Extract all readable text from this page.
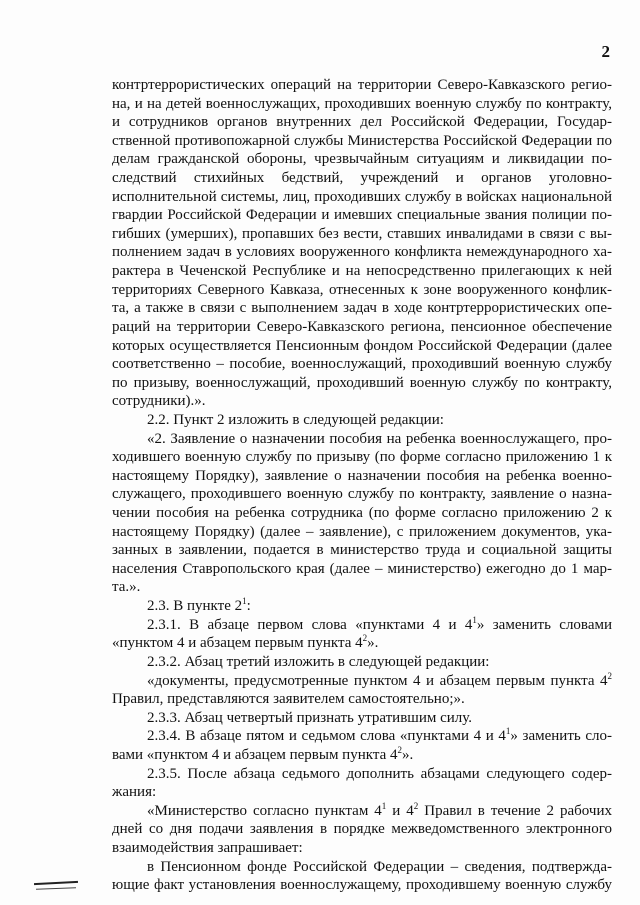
2
контртеррористических операций на территории Северо-Кавказского регио-
на, и на детей военнослужащих, проходивших военную службу по контракту,
и сотрудников органов внутренних дел Российской Федерации, Государ-
ственной противопожарной службы Министерства Российской Федерации по
делам гражданской обороны, чрезвычайным ситуациям и ликвидации по-
следствий стихийных бедствий, учреждений и органов уголовно-
исполнительной системы, лиц, проходивших службу в войсках национальной
гвардии Российской Федерации и имевших специальные звания полиции по-
гибших (умерших), пропавших без вести, ставших инвалидами в связи с вы-
полнением задач в условиях вооруженного конфликта немеждународного ха-
рактера в Чеченской Республике и на непосредственно прилегающих к ней
территориях Северного Кавказа, отнесенных к зоне вооруженного конфлик-
та, а также в связи с выполнением задач в ходе контртеррористических опе-
раций на территории Северо-Кавказского региона, пенсионное обеспечение
которых осуществляется Пенсионным фондом Российской Федерации (далее
соответственно – пособие, военнослужащий, проходивший военную службу
по призыву, военнослужащий, проходивший военную службу по контракту,
сотрудники).».
2.2. Пункт 2 изложить в следующей редакции:
«2. Заявление о назначении пособия на ребенка военнослужащего, про-
ходившего военную службу по призыву (по форме согласно приложению 1 к
настоящему Порядку), заявление о назначении пособия на ребенка военно-
служащего, проходившего военную службу по контракту, заявление о назна-
чении пособия на ребенка сотрудника (по форме согласно приложению 2 к
настоящему Порядку) (далее – заявление), с приложением документов, ука-
занных в заявлении, подается в министерство труда и социальной защиты
населения Ставропольского края (далее – министерство) ежегодно до 1 мар-
та.».
2.3. В пункте $2^1$:
2.3.1. В абзаце первом слова «пунктами 4 и $4^1$» заменить словами
«пунктом 4 и абзацем первым пункта $4^2$».
2.3.2. Абзац третий изложить в следующей редакции:
«документы, предусмотренные пунктом 4 и абзацем первым пункта $4^2$
Правил, представляются заявителем самостоятельно;».
2.3.3. Абзац четвертый признать утратившим силу.
2.3.4. В абзаце пятом и седьмом слова «пунктами 4 и $4^1$» заменить сло-
вами «пунктом 4 и абзацем первым пункта $4^2$».
2.3.5. После абзаца седьмого дополнить абзацами следующего содер-
жания:
«Министерство согласно пунктам $4^1$ и $4^2$ Правил в течение 2 рабочих
дней со дня подачи заявления в порядке межведомственного электронного
взаимодействия запрашивает:
в Пенсионном фонде Российской Федерации – сведения, подтвержда-
ющие факт установления военнослужащему, проходившему военную службу
